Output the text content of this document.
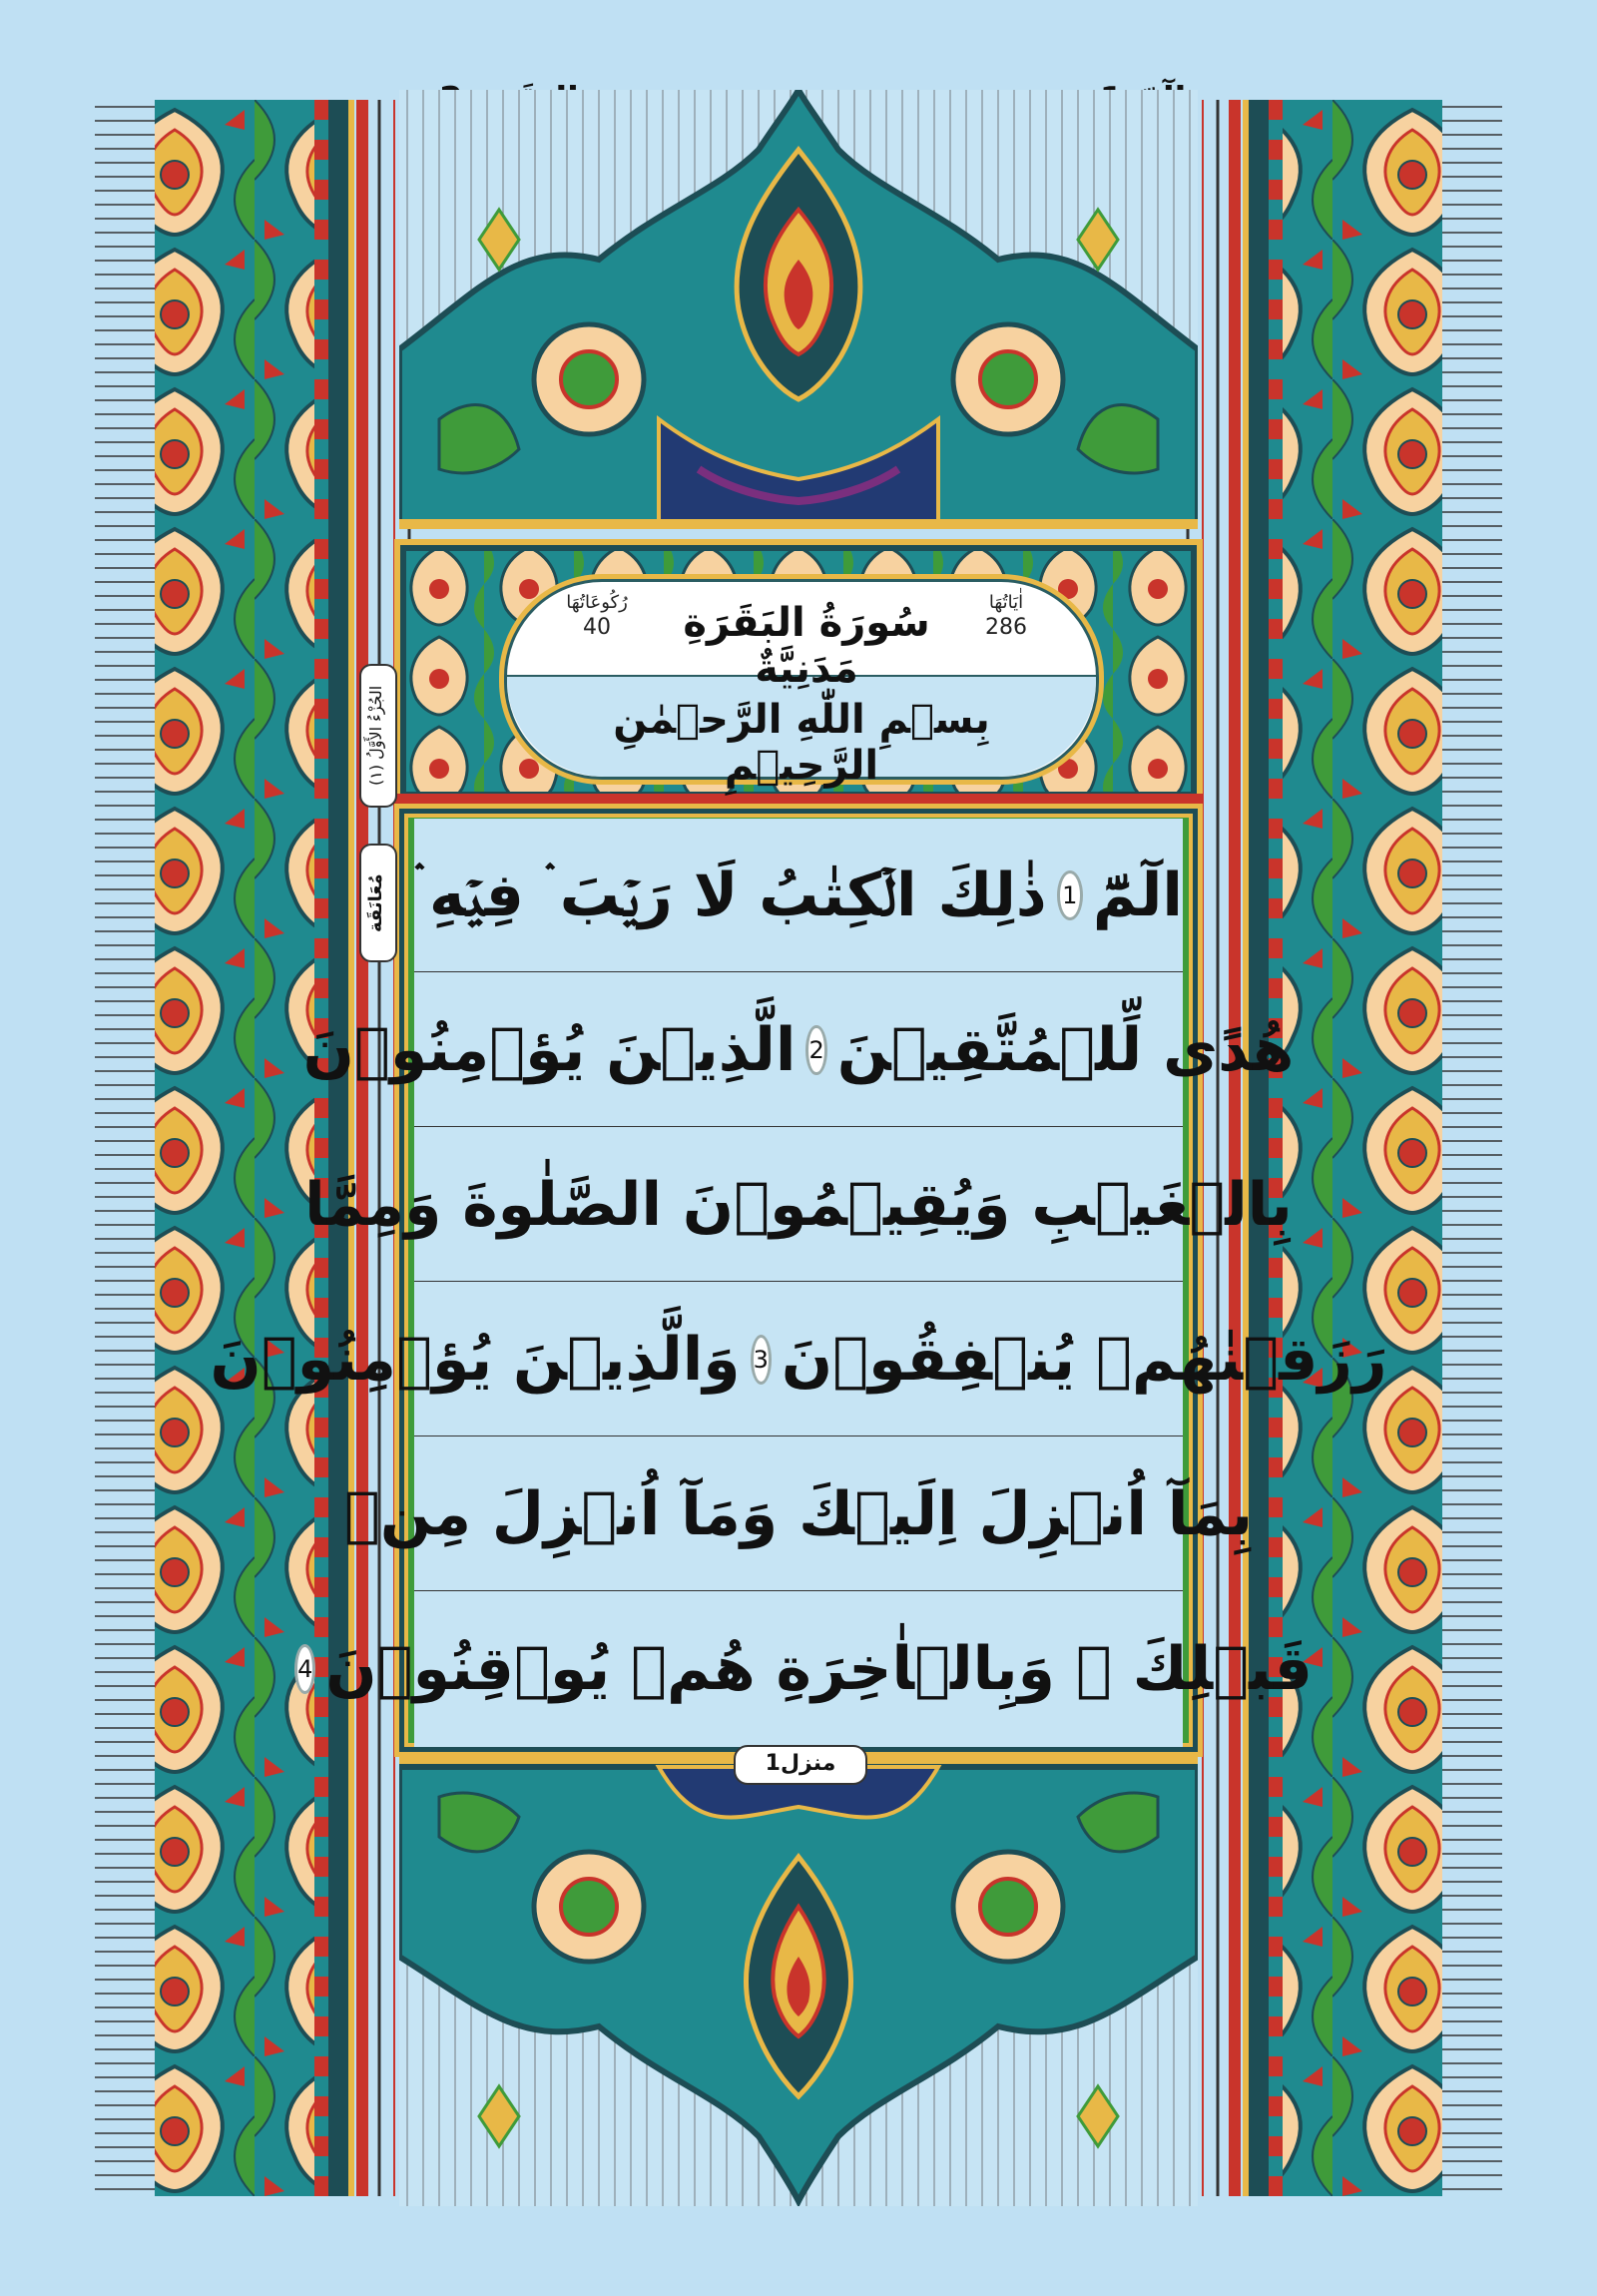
الٓمّٓ
1
ذٰلِكَ الۡكِتٰبُ لَا رَيۡبَ ۛ فِيۡهِ ۛ
هُدًى لِّلۡمُتَّقِيۡنَ
2
الَّذِيۡنَ يُؤۡمِنُوۡنَ
بِالۡغَيۡبِ وَيُقِيۡمُوۡنَ الصَّلٰوةَ وَمِمَّا
رَزَقۡنٰهُمۡ يُنۡفِقُوۡنَ
3
وَالَّذِيۡنَ يُؤۡمِنُوۡنَ
بِمَآ اُنۡزِلَ اِلَيۡكَ وَمَآ اُنۡزِلَ مِنۡ
قَبۡلِكَ ۚ وَبِالۡاٰخِرَةِ هُمۡ يُوۡقِنُوۡنَ
4
اٰيَاتُهَا
286
سُورَةُ البَقَرَةِ مَدَنِيَّةٌ
رُكُوعَاتُهَا
40
بِسۡمِ اللّٰهِ الرَّحۡمٰنِ الرَّحِيۡمِ
الجُزْءُ الأَوَّلُ (١)
مُعَانَقَة
منزل1
